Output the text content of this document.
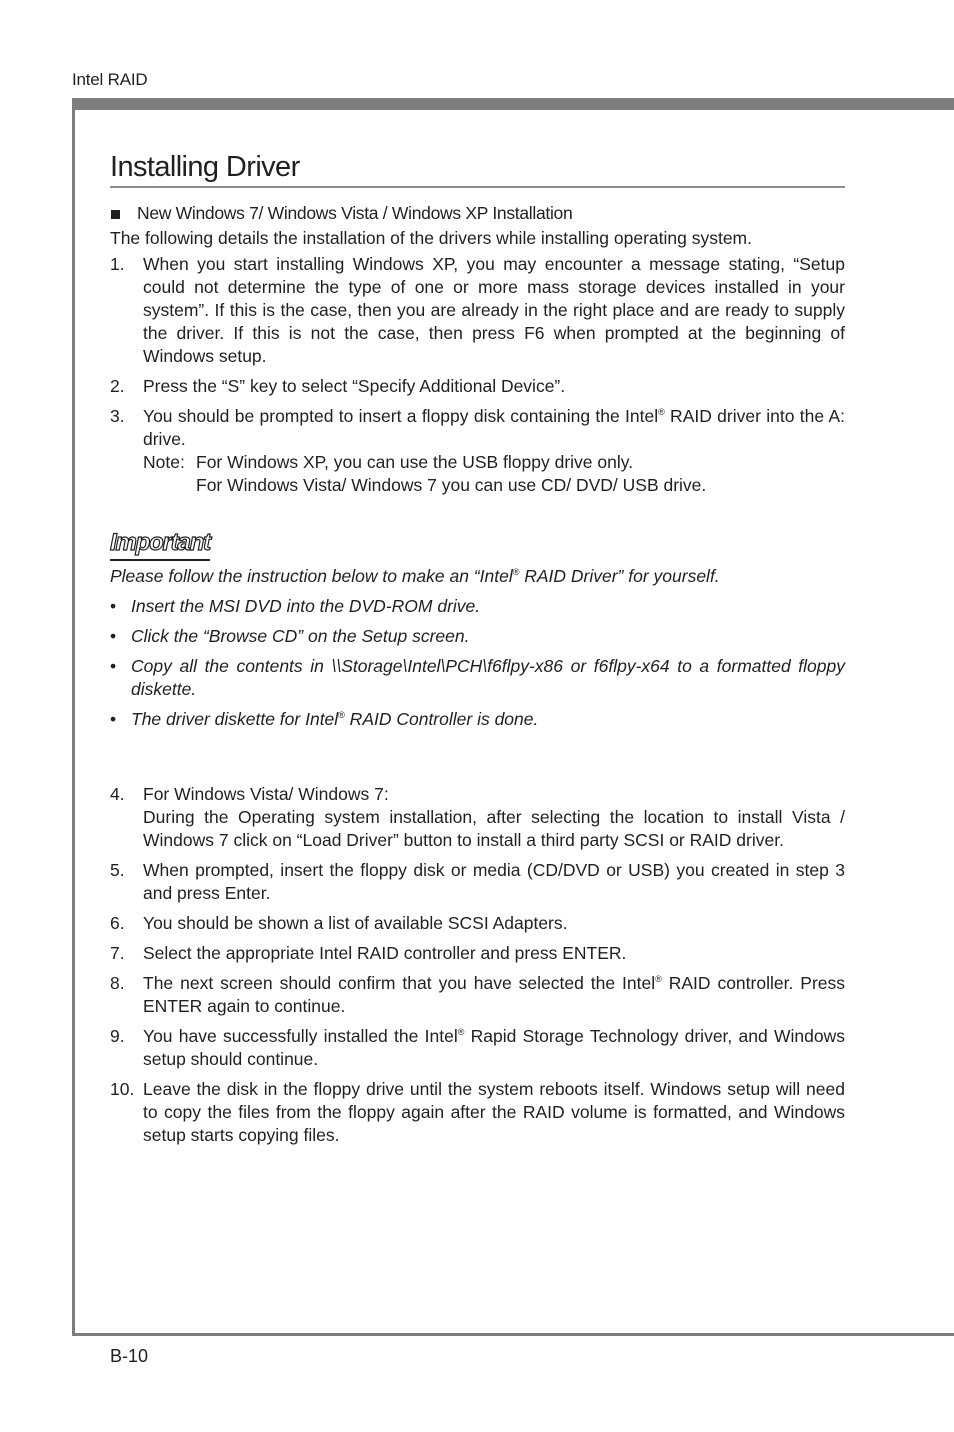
Intel RAID
B-10
Installing Driver
New Windows 7/ Windows Vista / Windows XP Installation
The following details the installation of the drivers while installing operating system.
1.	When you start installing Windows XP, you may encounter a message stating, “Setup could not determine the type of one or more mass storage devices installed in your system”. If this is the case, then you are already in the right place and are ready to supply the driver. If this is not the case, then press F6 when prompted at the beginning of Windows setup.
2.	Press the “S” key to select “Specify Additional Device”.
3.	You should be prompted to insert a floppy disk containing the Intel® RAID driver into the A: drive.
Note: For Windows XP, you can use the USB floppy drive only.
For Windows Vista/ Windows 7 you can use CD/ DVD/ USB drive.
Important
Please follow the instruction below to make an “Intel® RAID Driver” for yourself.
• Insert the MSI DVD into the DVD-ROM drive.
• Click the “Browse CD” on the Setup screen.
• Copy all the contents in \\Storage\Intel\PCH\f6flpy-x86 or f6flpy-x64 to a formatted floppy diskette.
• The driver diskette for Intel® RAID Controller is done.
4.	For Windows Vista/ Windows 7:
During the Operating system installation, after selecting the location to install Vista / Windows 7 click on “Load Driver” button to install a third party SCSI or RAID driver.
5.	When prompted, insert the floppy disk or media (CD/DVD or USB) you created in step 3 and press Enter.
6.	You should be shown a list of available SCSI Adapters.
7.	Select the appropriate Intel RAID controller and press ENTER.
8.	The next screen should confirm that you have selected the Intel® RAID controller. Press ENTER again to continue.
9.	You have successfully installed the Intel® Rapid Storage Technology driver, and Windows setup should continue.
10. Leave the disk in the floppy drive until the system reboots itself. Windows setup will need to copy the files from the floppy again after the RAID volume is formatted, and Windows setup starts copying files.
